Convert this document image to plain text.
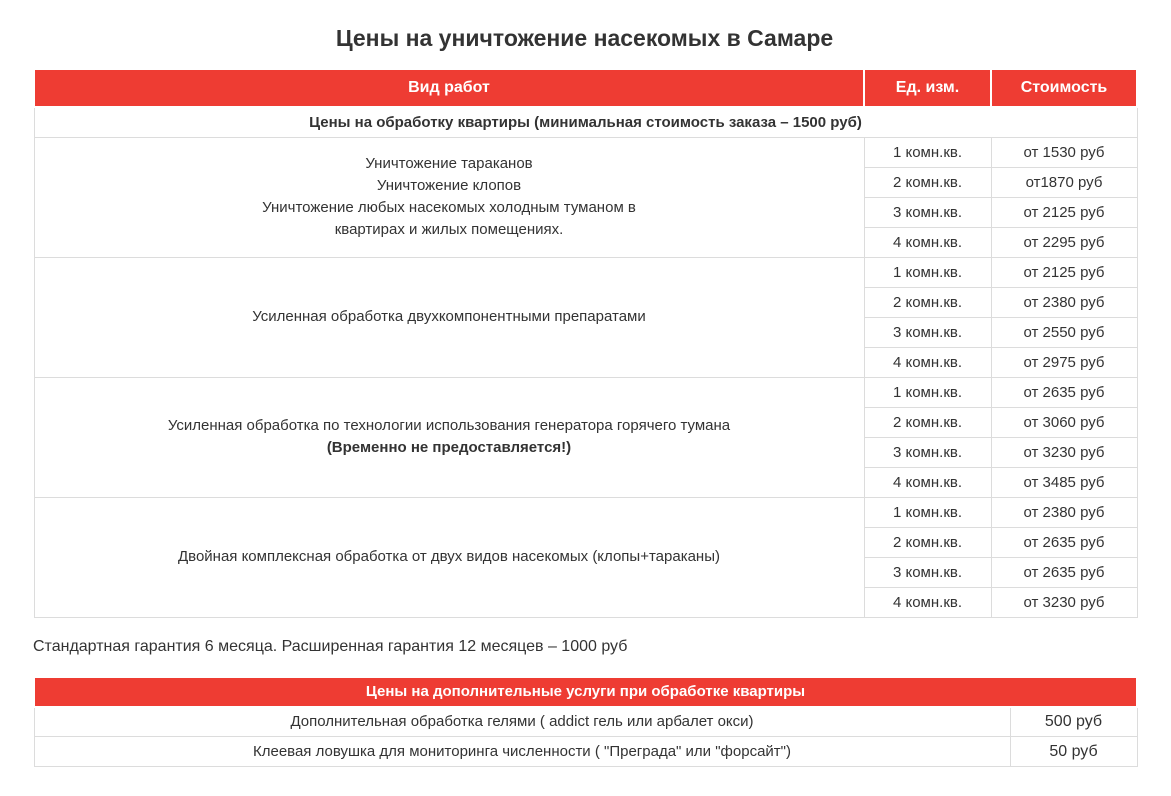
Цены на уничтожение насекомых в Самаре
Вид работ	Ед. изм.	Стоимость
Цены на обработку квартиры (минимальная стоимость заказа – 1500 руб)		

Уничтожение тараканов
Уничтожение клопов
Уничтожение любых насекомых холодным туманом в
квартирах и жилых помещениях.	1 комн.кв.	от 1530 руб
	2 комн.кв.	от1870 руб
	3 комн.кв.	от 2125 руб
	4 комн.кв.	от 2295 руб

Усиленная обработка двухкомпонентными препаратами	1 комн.кв.	от 2125 руб
	2 комн.кв.	от 2380 руб
	3 комн.кв.	от 2550 руб
	4 комн.кв.	от 2975 руб

Усиленная обработка по технологии использования генератора горячего тумана
(Временно не предоставляется!)	1 комн.кв.	от 2635 руб
	2 комн.кв.	от 3060 руб
	3 комн.кв.	от 3230 руб
	4 комн.кв.	от 3485 руб

Двойная комплексная обработка от двух видов насекомых (клопы+тараканы)	1 комн.кв.	от 2380 руб
	2 комн.кв.	от 2635 руб
	3 комн.кв.	от 2635 руб
	4 комн.кв.	от 3230 руб

Стандартная гарантия 6 месяца. Расширенная гарантия 12 месяцев – 1000 руб

Цены на дополнительные услуги при обработке квартиры	
Дополнительная обработка гелями ( addict гель или арбалет окси)	500 руб
Клеевая ловушка для мониторинга численности ( "Преграда" или "форсайт")	50 руб
